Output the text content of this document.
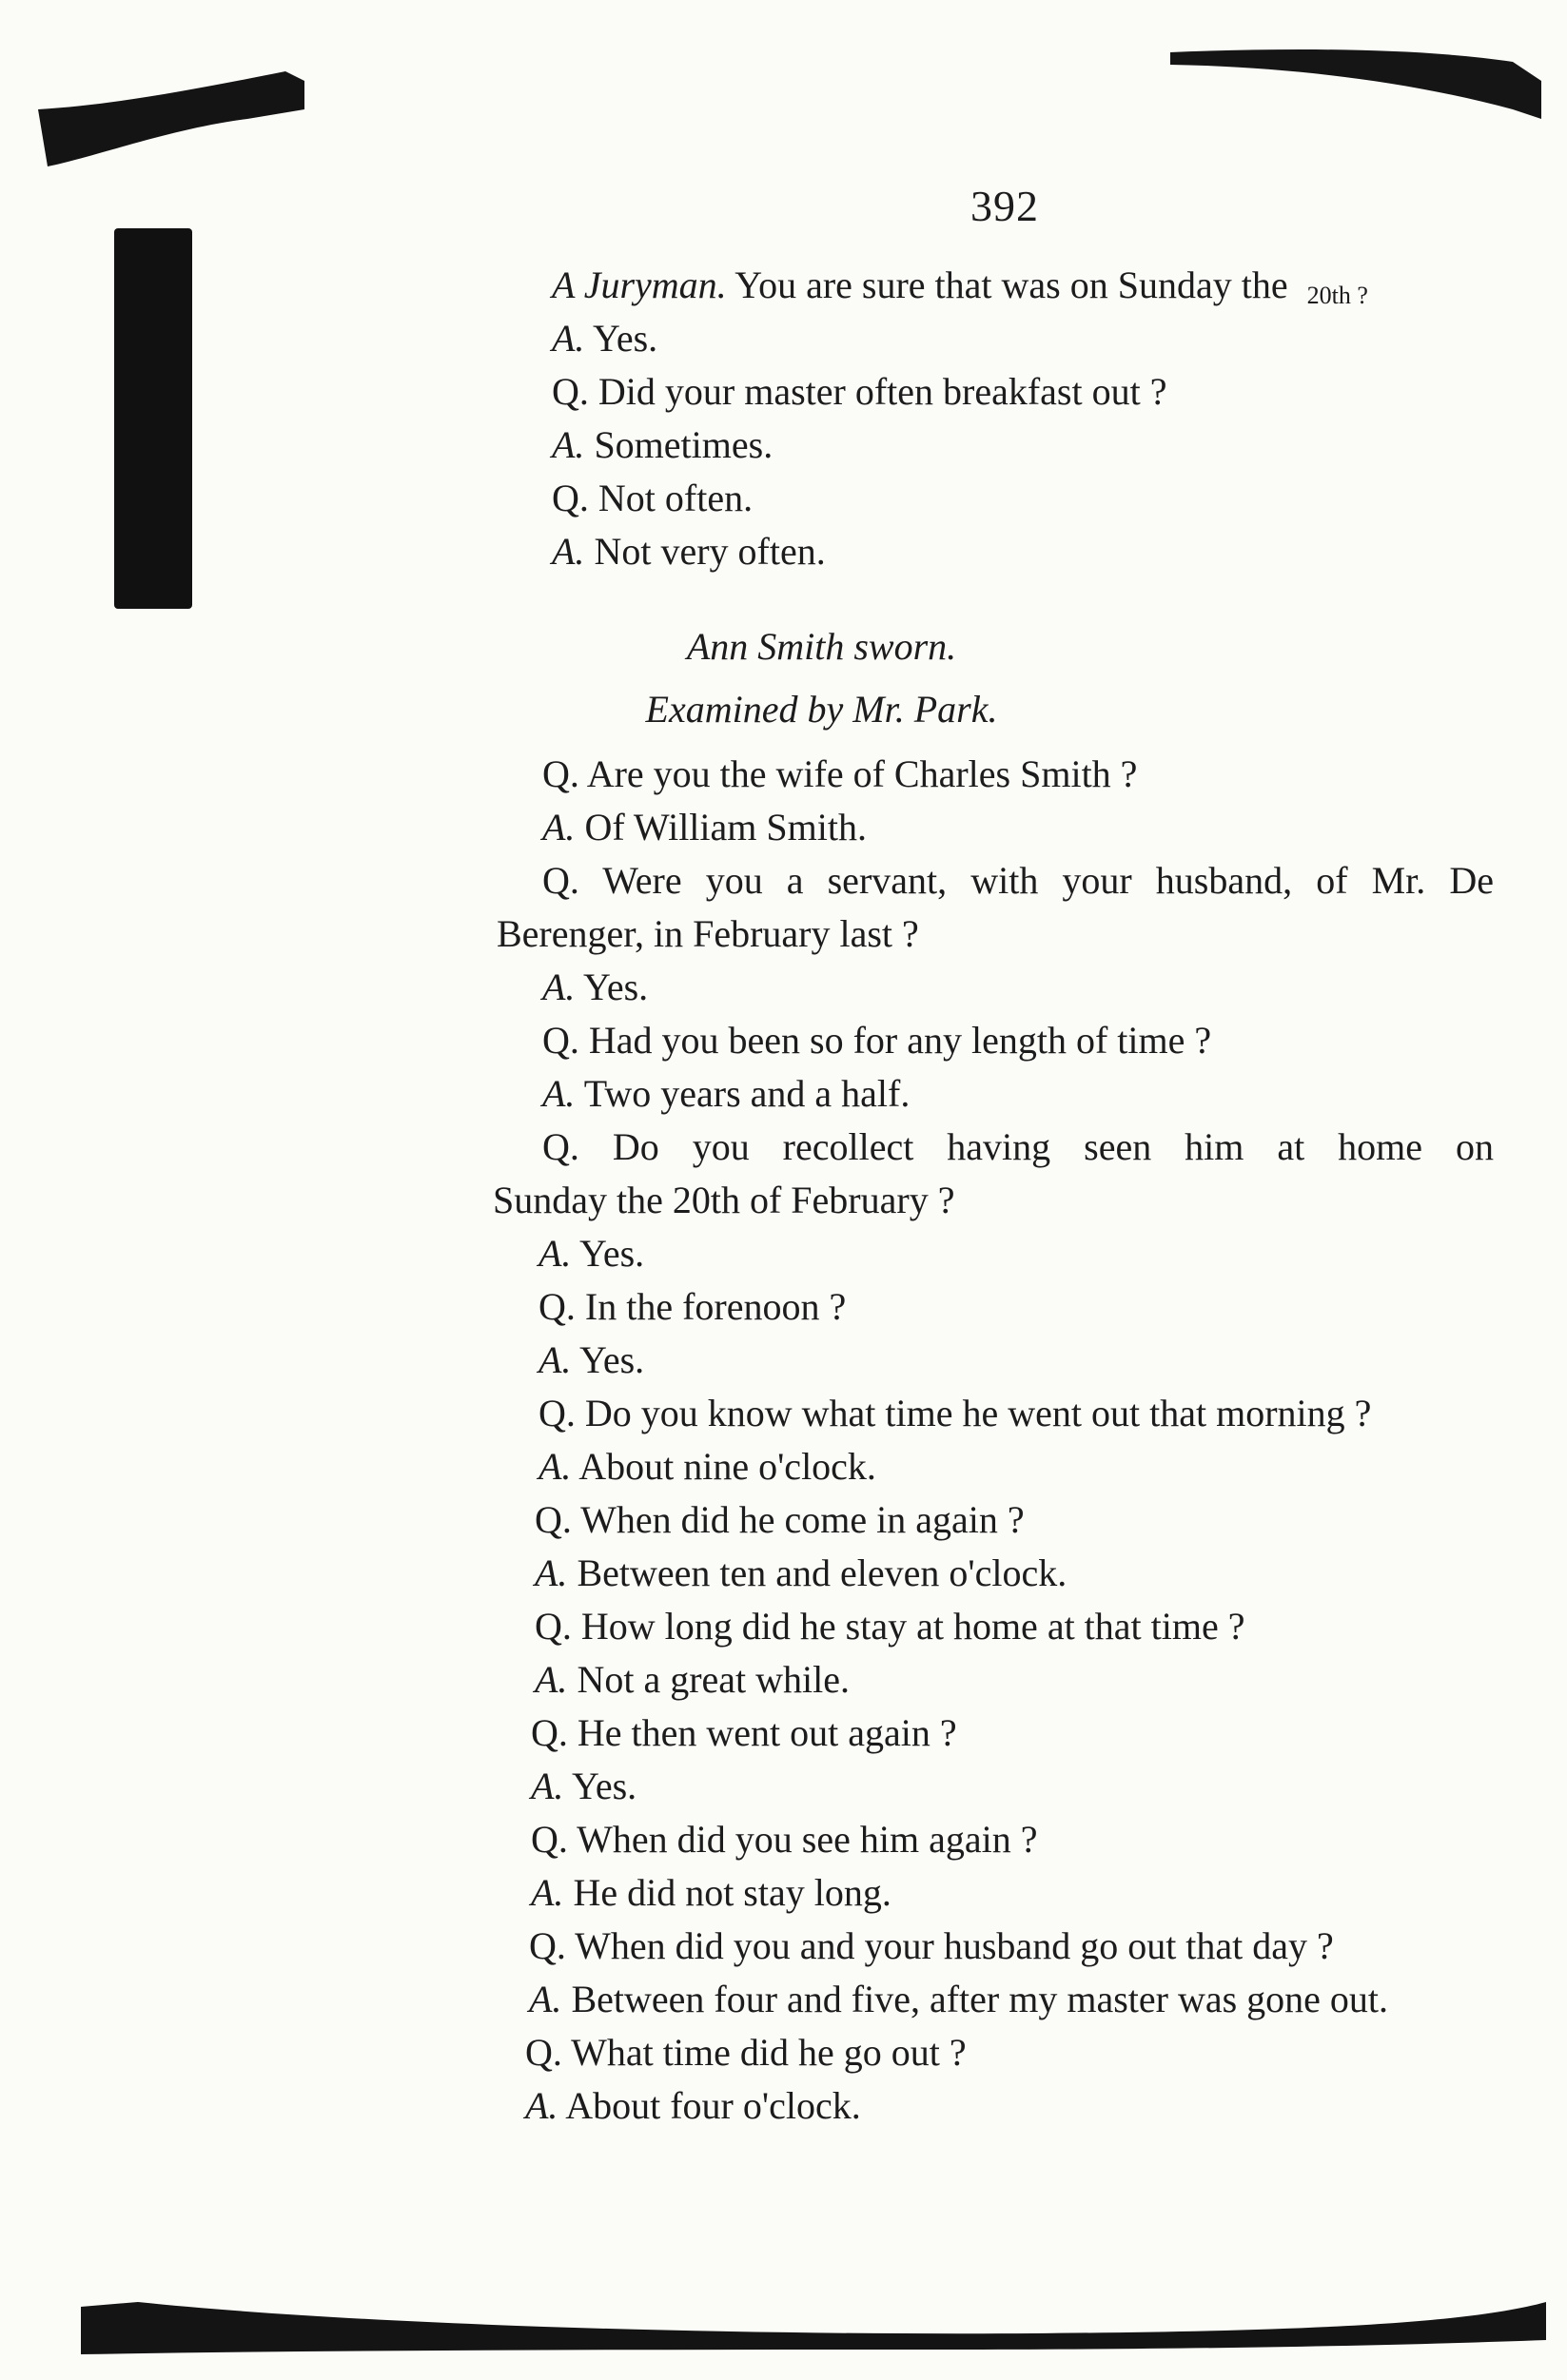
392
A Juryman. You are sure that was on Sunday the 20th ?
A. Yes.
Q. Did your master often breakfast out ?
A. Sometimes.
Q. Not often.
A. Not very often.
Ann Smith sworn.
Examined by Mr. Park.
Q. Are you the wife of Charles Smith ?
A. Of William Smith.
Q. Were you a servant, with your husband, of Mr. De
Berenger, in February last ?
A. Yes.
Q. Had you been so for any length of time ?
A. Two years and a half.
Q. Do you recollect having seen him at home on
Sunday the 20th of February ?
A. Yes.
Q. In the forenoon ?
A. Yes.
Q. Do you know what time he went out that morning ?
A. About nine o'clock.
Q. When did he come in again ?
A. Between ten and eleven o'clock.
Q. How long did he stay at home at that time ?
A. Not a great while.
Q. He then went out again ?
A. Yes.
Q. When did you see him again ?
A. He did not stay long.
Q. When did you and your husband go out that day ?
A. Between four and five, after my master was gone out.
Q. What time did he go out ?
A. About four o'clock.
